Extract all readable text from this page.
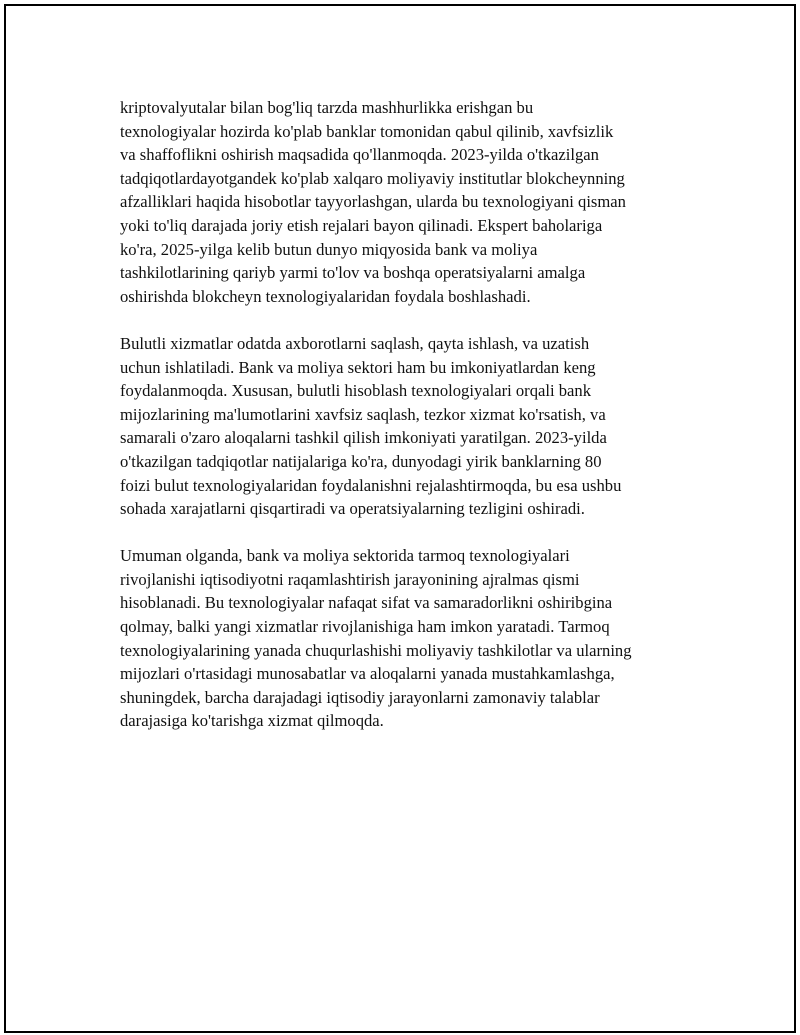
kriptovalyutalar bilan bog'liq tarzda mashhurlikka erishgan bu
texnologiyalar hozirda ko'plab banklar tomonidan qabul qilinib, xavfsizlik
va shaffoflikni oshirish maqsadida qo'llanmoqda. 2023-yilda o'tkazilgan
tadqiqotlardayotgandek ko'plab xalqaro moliyaviy institutlar blokcheynning
afzalliklari haqida hisobotlar tayyorlashgan, ularda bu texnologiyani qisman
yoki to'liq darajada joriy etish rejalari bayon qilinadi. Ekspert baholariga
ko'ra, 2025-yilga kelib butun dunyo miqyosida bank va moliya
tashkilotlarining qariyb yarmi to'lov va boshqa operatsiyalarni amalga
oshirishda blokcheyn texnologiyalaridan foydala boshlashadi.

Bulutli xizmatlar odatda axborotlarni saqlash, qayta ishlash, va uzatish
uchun ishlatiladi. Bank va moliya sektori ham bu imkoniyatlardan keng
foydalanmoqda. Xususan, bulutli hisoblash texnologiyalari orqali bank
mijozlarining ma'lumotlarini xavfsiz saqlash, tezkor xizmat ko'rsatish, va
samarali o'zaro aloqalarni tashkil qilish imkoniyati yaratilgan. 2023-yilda
o'tkazilgan tadqiqotlar natijalariga ko'ra, dunyodagi yirik banklarning 80
foizi bulut texnologiyalaridan foydalanishni rejalashtirmoqda, bu esa ushbu
sohada xarajatlarni qisqartiradi va operatsiyalarning tezligini oshiradi.

Umuman olganda, bank va moliya sektorida tarmoq texnologiyalari
rivojlanishi iqtisodiyotni raqamlashtirish jarayonining ajralmas qismi
hisoblanadi. Bu texnologiyalar nafaqat sifat va samaradorlikni oshiribgina
qolmay, balki yangi xizmatlar rivojlanishiga ham imkon yaratadi. Tarmoq
texnologiyalarining yanada chuqurlashishi moliyaviy tashkilotlar va ularning
mijozlari o'rtasidagi munosabatlar va aloqalarni yanada mustahkamlashga,
shuningdek, barcha darajadagi iqtisodiy jarayonlarni zamonaviy talablar
darajasiga ko'tarishga xizmat qilmoqda.
